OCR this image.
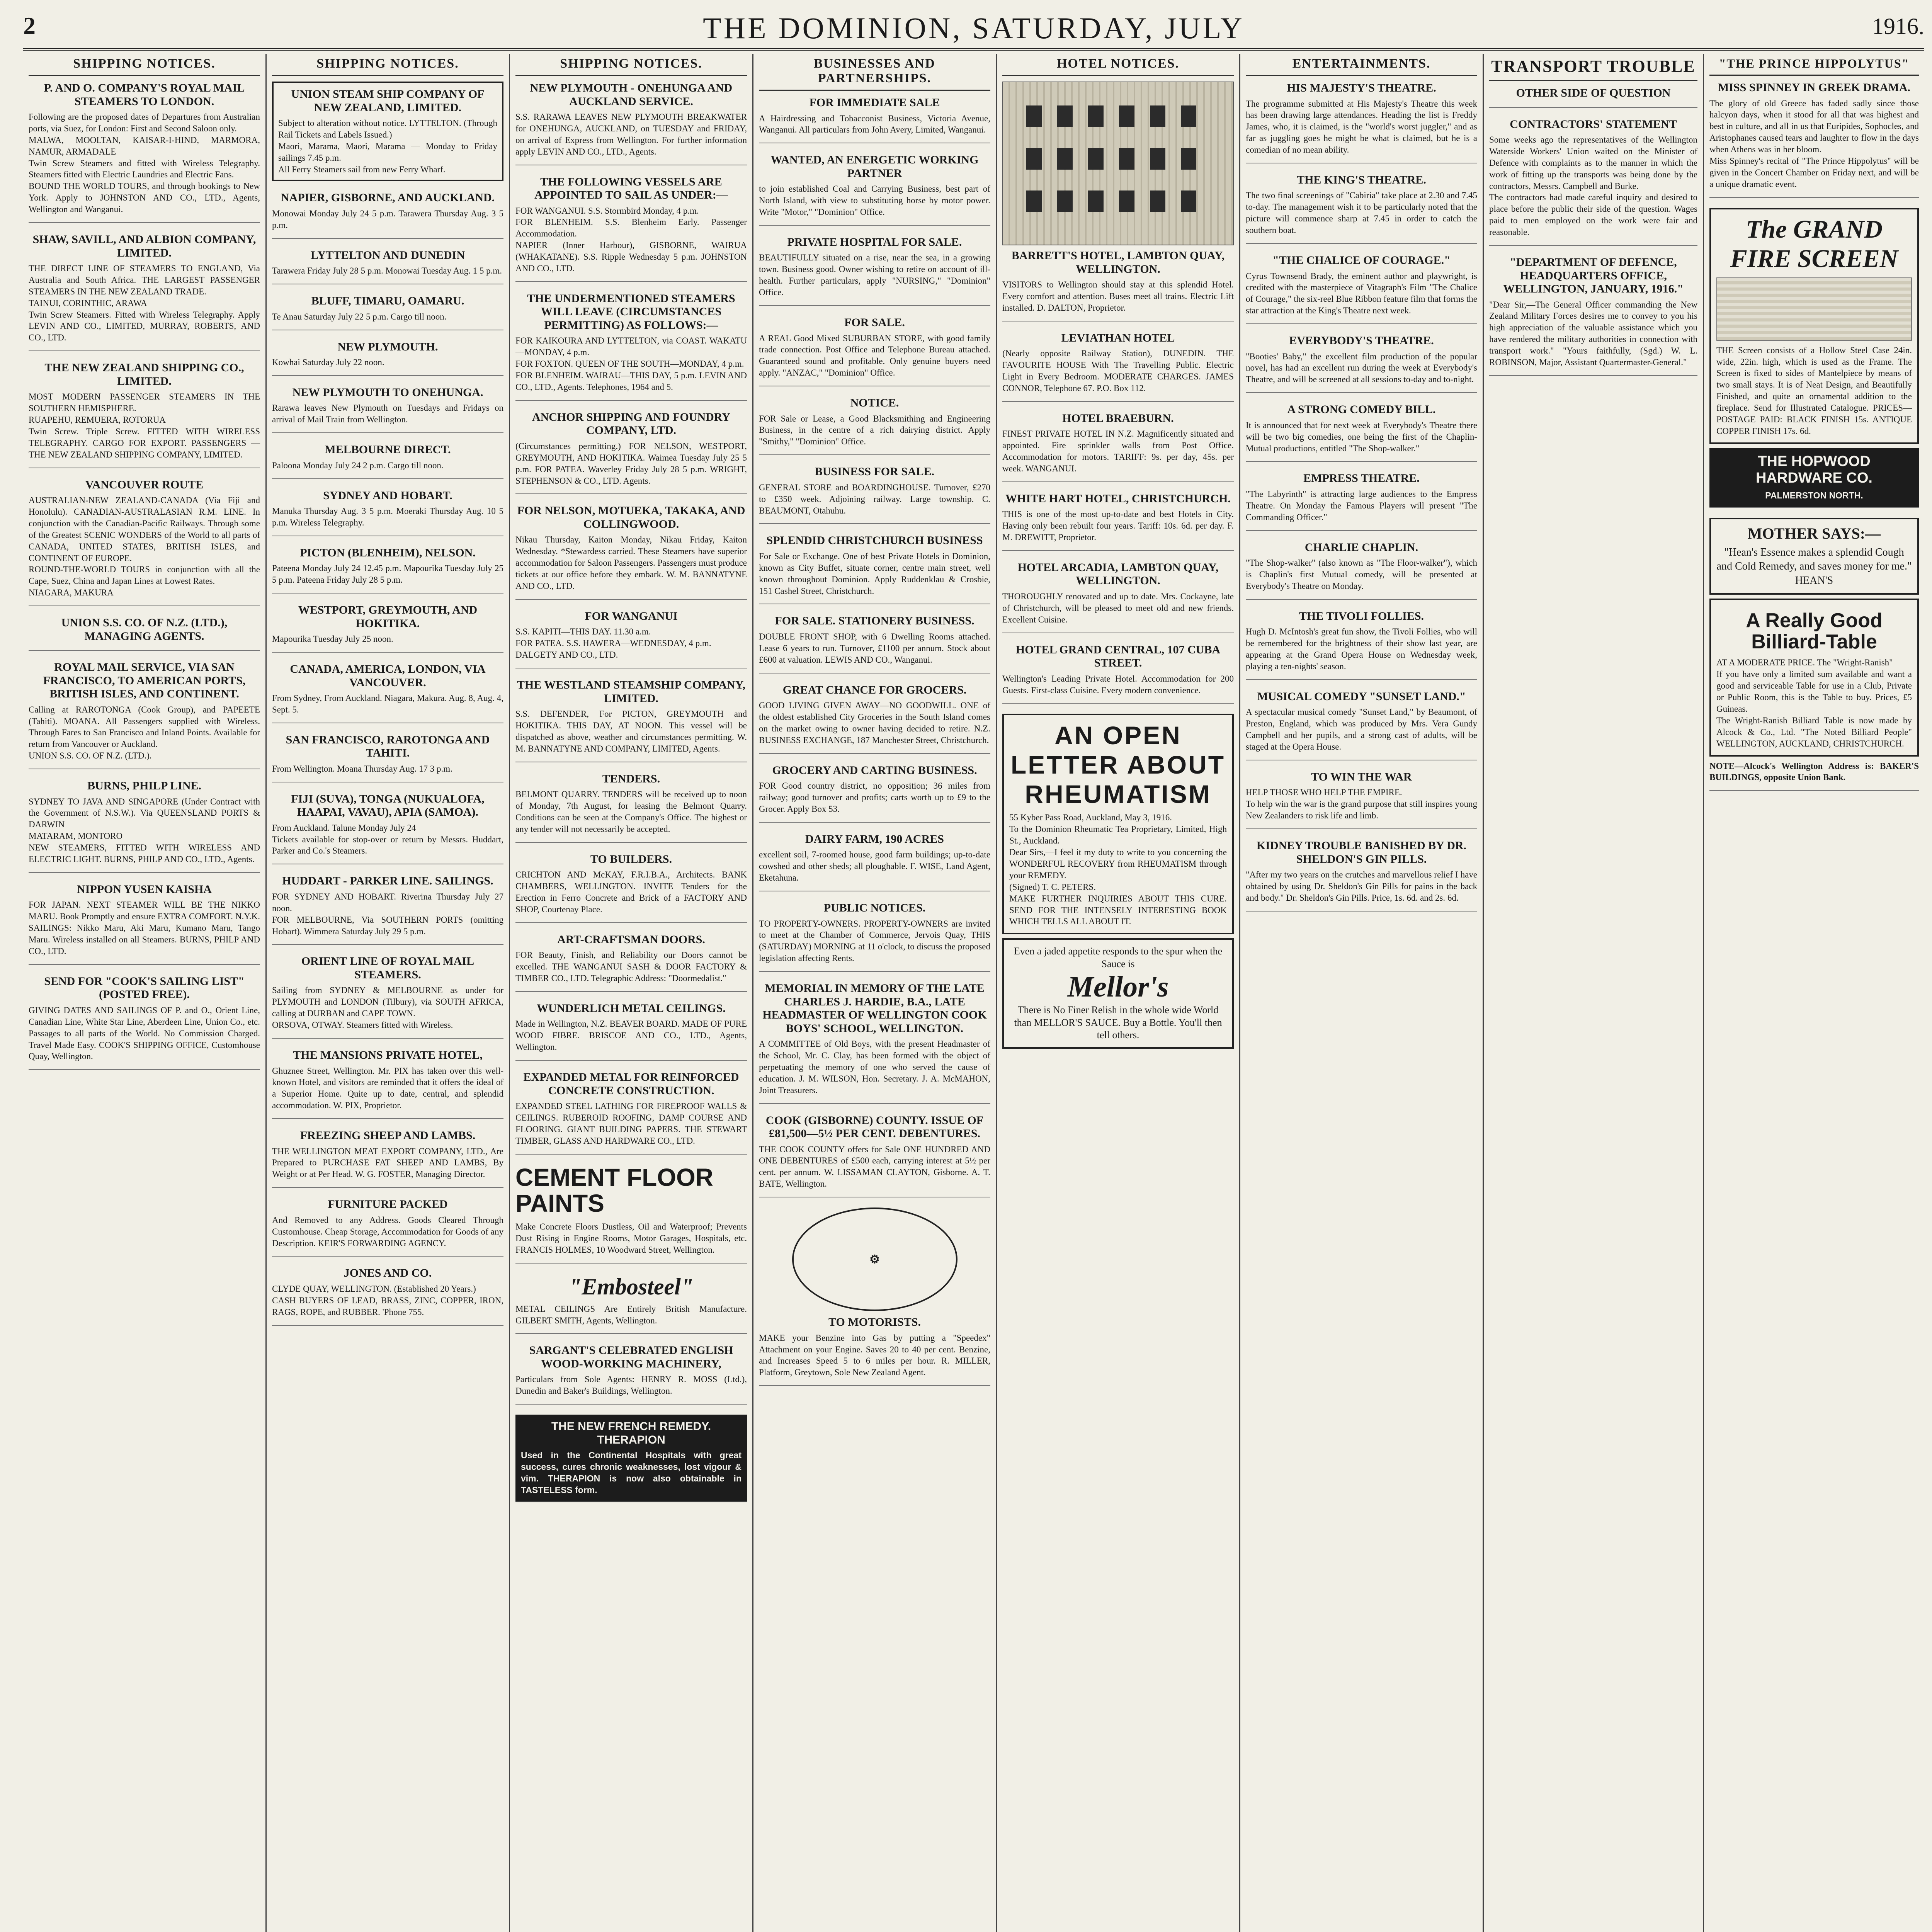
2	THE DOMINION, SATURDAY, JULY	1916.
SHIPPING NOTICES.
P. AND O. COMPANY'S ROYAL MAIL STEAMERS TO LONDON.
Following are the proposed dates of Departures from Australian ports, via Suez, for London: First and Second Saloon only.
MALWA, MOOLTAN, KAISAR-I-HIND, MARMORA, NAMUR, ARMADALE
Twin Screw Steamers and fitted with Wireless Telegraphy. Steamers fitted with Electric Laundries and Electric Fans.
BOUND THE WORLD TOURS, and through bookings to New York. Apply to JOHNSTON AND CO., LTD., Agents, Wellington and Wanganui.
SHAW, SAVILL, AND ALBION COMPANY, LIMITED.
THE DIRECT LINE OF STEAMERS TO ENGLAND, Via Australia and South Africa. THE LARGEST PASSENGER STEAMERS IN THE NEW ZEALAND TRADE.
TAINUI, CORINTHIC, ARAWA
Twin Screw Steamers. Fitted with Wireless Telegraphy. Apply LEVIN AND CO., LIMITED, MURRAY, ROBERTS, AND CO., LTD.
THE NEW ZEALAND SHIPPING CO., LIMITED.
MOST MODERN PASSENGER STEAMERS IN THE SOUTHERN HEMISPHERE.
RUAPEHU, REMUERA, ROTORUA
Twin Screw. Triple Screw. FITTED WITH WIRELESS TELEGRAPHY. CARGO FOR EXPORT. PASSENGERS — THE NEW ZEALAND SHIPPING COMPANY, LIMITED.
VANCOUVER ROUTE
AUSTRALIAN-NEW ZEALAND-CANADA (Via Fiji and Honolulu). CANADIAN-AUSTRALASIAN R.M. LINE. In conjunction with the Canadian-Pacific Railways. Through some of the Greatest SCENIC WONDERS of the World to all parts of CANADA, UNITED STATES, BRITISH ISLES, and CONTINENT OF EUROPE.
ROUND-THE-WORLD TOURS in conjunction with all the Cape, Suez, China and Japan Lines at Lowest Rates.
NIAGARA, MAKURA
UNION S.S. CO. OF N.Z. (LTD.), MANAGING AGENTS.
ROYAL MAIL SERVICE, VIA SAN FRANCISCO, TO AMERICAN PORTS, BRITISH ISLES, AND CONTINENT.
Calling at RAROTONGA (Cook Group), and PAPEETE (Tahiti). MOANA. All Passengers supplied with Wireless. Through Fares to San Francisco and Inland Points. Available for return from Vancouver or Auckland.
UNION S.S. CO. OF N.Z. (LTD.).
BURNS, PHILP LINE.
SYDNEY TO JAVA AND SINGAPORE (Under Contract with the Government of N.S.W.). Via QUEENSLAND PORTS & DARWIN
MATARAM, MONTORO
NEW STEAMERS, FITTED WITH WIRELESS AND ELECTRIC LIGHT. BURNS, PHILP AND CO., LTD., Agents.
NIPPON YUSEN KAISHA
FOR JAPAN. NEXT STEAMER WILL BE THE NIKKO MARU. Book Promptly and ensure EXTRA COMFORT. N.Y.K. SAILINGS: Nikko Maru, Aki Maru, Kumano Maru, Tango Maru. Wireless installed on all Steamers. BURNS, PHILP AND CO., LTD.
SEND FOR "COOK'S SAILING LIST" (POSTED FREE).
GIVING DATES AND SAILINGS OF P. and O., Orient Line, Canadian Line, White Star Line, Aberdeen Line, Union Co., etc. Passages to all parts of the World. No Commission Charged. Travel Made Easy. COOK'S SHIPPING OFFICE, Customhouse Quay, Wellington.
SHIPPING NOTICES.
UNION STEAM SHIP COMPANY OF NEW ZEALAND, LIMITED.
Subject to alteration without notice. LYTTELTON. (Through Rail Tickets and Labels Issued.)
Maori, Marama, Maori, Marama — Monday to Friday sailings 7.45 p.m.
All Ferry Steamers sail from new Ferry Wharf.
NAPIER, GISBORNE, AND AUCKLAND.
Monowai Monday July 24 5 p.m. Tarawera Thursday Aug. 3 5 p.m.
LYTTELTON AND DUNEDIN
Tarawera Friday July 28 5 p.m. Monowai Tuesday Aug. 1 5 p.m.
BLUFF, TIMARU, OAMARU.
Te Anau Saturday July 22 5 p.m. Cargo till noon.
NEW PLYMOUTH.
Kowhai Saturday July 22 noon.
NEW PLYMOUTH TO ONEHUNGA.
Rarawa leaves New Plymouth on Tuesdays and Fridays on arrival of Mail Train from Wellington.
MELBOURNE DIRECT.
Paloona Monday July 24 2 p.m. Cargo till noon.
SYDNEY AND HOBART.
Manuka Thursday Aug. 3 5 p.m. Moeraki Thursday Aug. 10 5 p.m. Wireless Telegraphy.
PICTON (BLENHEIM), NELSON.
Pateena Monday July 24 12.45 p.m. Mapourika Tuesday July 25 5 p.m. Pateena Friday July 28 5 p.m.
WESTPORT, GREYMOUTH, AND HOKITIKA.
Mapourika Tuesday July 25 noon.
CANADA, AMERICA, LONDON, VIA VANCOUVER.
From Sydney, From Auckland. Niagara, Makura. Aug. 8, Aug. 4, Sept. 5.
SAN FRANCISCO, RAROTONGA AND TAHITI.
From Wellington. Moana Thursday Aug. 17 3 p.m.
FIJI (SUVA), TONGA (NUKUALOFA, HAAPAI, VAVAU), APIA (SAMOA).
From Auckland. Talune Monday July 24
Tickets available for stop-over or return by Messrs. Huddart, Parker and Co.'s Steamers.
HUDDART - PARKER LINE. SAILINGS.
FOR SYDNEY AND HOBART. Riverina Thursday July 27 noon.
FOR MELBOURNE, Via SOUTHERN PORTS (omitting Hobart). Wimmera Saturday July 29 5 p.m.
ORIENT LINE OF ROYAL MAIL STEAMERS.
Sailing from SYDNEY & MELBOURNE as under for PLYMOUTH and LONDON (Tilbury), via SOUTH AFRICA, calling at DURBAN and CAPE TOWN.
ORSOVA, OTWAY. Steamers fitted with Wireless.
THE MANSIONS PRIVATE HOTEL,
Ghuznee Street, Wellington. Mr. PIX has taken over this well-known Hotel, and visitors are reminded that it offers the ideal of a Superior Home. Quite up to date, central, and splendid accommodation. W. PIX, Proprietor.
FREEZING SHEEP AND LAMBS.
THE WELLINGTON MEAT EXPORT COMPANY, LTD., Are Prepared to PURCHASE FAT SHEEP AND LAMBS, By Weight or at Per Head. W. G. FOSTER, Managing Director.
FURNITURE PACKED
And Removed to any Address. Goods Cleared Through Customhouse. Cheap Storage, Accommodation for Goods of any Description. KEIR'S FORWARDING AGENCY.
JONES AND CO.
CLYDE QUAY, WELLINGTON. (Established 20 Years.)
CASH BUYERS OF LEAD, BRASS, ZINC, COPPER, IRON, RAGS, ROPE, and RUBBER. 'Phone 755.
SHIPPING NOTICES.
NEW PLYMOUTH - ONEHUNGA AND AUCKLAND SERVICE.
S.S. RARAWA LEAVES NEW PLYMOUTH BREAKWATER for ONEHUNGA, AUCKLAND, on TUESDAY and FRIDAY, on arrival of Express from Wellington. For further information apply LEVIN AND CO., LTD., Agents.
THE FOLLOWING VESSELS ARE APPOINTED TO SAIL AS UNDER:—
FOR WANGANUI. S.S. Stormbird Monday, 4 p.m.
FOR BLENHEIM. S.S. Blenheim Early. Passenger Accommodation.
NAPIER (Inner Harbour), GISBORNE, WAIRUA (WHAKATANE). S.S. Ripple Wednesday 5 p.m. JOHNSTON AND CO., LTD.
THE UNDERMENTIONED STEAMERS WILL LEAVE (CIRCUMSTANCES PERMITTING) AS FOLLOWS:—
FOR KAIKOURA AND LYTTELTON, via COAST. WAKATU—MONDAY, 4 p.m.
FOR FOXTON. QUEEN OF THE SOUTH—MONDAY, 4 p.m.
FOR BLENHEIM. WAIRAU—THIS DAY, 5 p.m. LEVIN AND CO., LTD., Agents. Telephones, 1964 and 5.
ANCHOR SHIPPING AND FOUNDRY COMPANY, LTD.
(Circumstances permitting.) FOR NELSON, WESTPORT, GREYMOUTH, AND HOKITIKA. Waimea Tuesday July 25 5 p.m. FOR PATEA. Waverley Friday July 28 5 p.m. WRIGHT, STEPHENSON & CO., LTD. Agents.
FOR NELSON, MOTUEKA, TAKAKA, AND COLLINGWOOD.
Nikau Thursday, Kaiton Monday, Nikau Friday, Kaiton Wednesday. *Stewardess carried. These Steamers have superior accommodation for Saloon Passengers. Passengers must produce tickets at our office before they embark. W. M. BANNATYNE AND CO., LTD.
FOR WANGANUI
S.S. KAPITI—THIS DAY. 11.30 a.m.
FOR PATEA. S.S. HAWERA—WEDNESDAY, 4 p.m.
DALGETY AND CO., LTD.
THE WESTLAND STEAMSHIP COMPANY, LIMITED.
S.S. DEFENDER, For PICTON, GREYMOUTH and HOKITIKA. THIS DAY, AT NOON. This vessel will be dispatched as above, weather and circumstances permitting. W. M. BANNATYNE AND COMPANY, LIMITED, Agents.
TENDERS.
BELMONT QUARRY. TENDERS will be received up to noon of Monday, 7th August, for leasing the Belmont Quarry. Conditions can be seen at the Company's Office. The highest or any tender will not necessarily be accepted.
TO BUILDERS.
CRICHTON AND McKAY, F.R.I.B.A., Architects. BANK CHAMBERS, WELLINGTON. INVITE Tenders for the Erection in Ferro Concrete and Brick of a FACTORY AND SHOP, Courtenay Place.
ART-CRAFTSMAN DOORS.
FOR Beauty, Finish, and Reliability our Doors cannot be excelled. THE WANGANUI SASH & DOOR FACTORY & TIMBER CO., LTD. Telegraphic Address: "Doormedalist."
WUNDERLICH METAL CEILINGS.
Made in Wellington, N.Z. BEAVER BOARD. MADE OF PURE WOOD FIBRE. BRISCOE AND CO., LTD., Agents, Wellington.
EXPANDED METAL FOR REINFORCED CONCRETE CONSTRUCTION.
EXPANDED STEEL LATHING FOR FIREPROOF WALLS & CEILINGS. RUBEROID ROOFING, DAMP COURSE AND FLOORING. GIANT BUILDING PAPERS. THE STEWART TIMBER, GLASS AND HARDWARE CO., LTD.
CEMENT FLOOR PAINTS
Make Concrete Floors Dustless, Oil and Waterproof; Prevents Dust Rising in Engine Rooms, Motor Garages, Hospitals, etc. FRANCIS HOLMES, 10 Woodward Street, Wellington.
"Embosteel"
METAL CEILINGS Are Entirely British Manufacture. GILBERT SMITH, Agents, Wellington.
SARGANT'S CELEBRATED ENGLISH WOOD-WORKING MACHINERY,
Particulars from Sole Agents: HENRY R. MOSS (Ltd.), Dunedin and Baker's Buildings, Wellington.
THE NEW FRENCH REMEDY. THERAPION
Used in the Continental Hospitals with great success, cures chronic weaknesses, lost vigour & vim. THERAPION is now also obtainable in TASTELESS form.
BUSINESSES AND PARTNERSHIPS.
FOR IMMEDIATE SALE
A Hairdressing and Tobacconist Business, Victoria Avenue, Wanganui. All particulars from John Avery, Limited, Wanganui.
WANTED, AN ENERGETIC WORKING PARTNER
to join established Coal and Carrying Business, best part of North Island, with view to substituting horse by motor power. Write "Motor," "Dominion" Office.
PRIVATE HOSPITAL FOR SALE.
BEAUTIFULLY situated on a rise, near the sea, in a growing town. Business good. Owner wishing to retire on account of ill-health. Further particulars, apply "NURSING," "Dominion" Office.
FOR SALE.
A REAL Good Mixed SUBURBAN STORE, with good family trade connection. Post Office and Telephone Bureau attached. Guaranteed sound and profitable. Only genuine buyers need apply. "ANZAC," "Dominion" Office.
NOTICE.
FOR Sale or Lease, a Good Blacksmithing and Engineering Business, in the centre of a rich dairying district. Apply "Smithy," "Dominion" Office.
BUSINESS FOR SALE.
GENERAL STORE and BOARDINGHOUSE. Turnover, £270 to £350 week. Adjoining railway. Large township. C. BEAUMONT, Otahuhu.
SPLENDID CHRISTCHURCH BUSINESS
For Sale or Exchange. One of best Private Hotels in Dominion, known as City Buffet, situate corner, centre main street, well known throughout Dominion. Apply Ruddenklau & Crosbie, 151 Cashel Street, Christchurch.
FOR SALE. STATIONERY BUSINESS.
DOUBLE FRONT SHOP, with 6 Dwelling Rooms attached. Lease 6 years to run. Turnover, £1100 per annum. Stock about £600 at valuation. LEWIS AND CO., Wanganui.
GREAT CHANCE FOR GROCERS.
GOOD LIVING GIVEN AWAY—NO GOODWILL. ONE of the oldest established City Groceries in the South Island comes on the market owing to owner having decided to retire. N.Z. BUSINESS EXCHANGE, 187 Manchester Street, Christchurch.
GROCERY AND CARTING BUSINESS.
FOR Good country district, no opposition; 36 miles from railway; good turnover and profits; carts worth up to £9 to the Grocer. Apply Box 53.
DAIRY FARM, 190 ACRES
excellent soil, 7-roomed house, good farm buildings; up-to-date cowshed and other sheds; all ploughable. F. WISE, Land Agent, Eketahuna.
PUBLIC NOTICES.
TO PROPERTY-OWNERS. PROPERTY-OWNERS are invited to meet at the Chamber of Commerce, Jervois Quay, THIS (SATURDAY) MORNING at 11 o'clock, to discuss the proposed legislation affecting Rents.
MEMORIAL IN MEMORY OF THE LATE CHARLES J. HARDIE, B.A., LATE HEADMASTER OF WELLINGTON COOK BOYS' SCHOOL, WELLINGTON.
A COMMITTEE of Old Boys, with the present Headmaster of the School, Mr. C. Clay, has been formed with the object of perpetuating the memory of one who served the cause of education. J. M. WILSON, Hon. Secretary. J. A. McMAHON, Joint Treasurers.
COOK (GISBORNE) COUNTY. ISSUE OF £81,500—5½ PER CENT. DEBENTURES.
THE COOK COUNTY offers for Sale ONE HUNDRED AND ONE DEBENTURES of £500 each, carrying interest at 5½ per cent. per annum. W. LISSAMAN CLAYTON, Gisborne. A. T. BATE, Wellington.
⚙
TO MOTORISTS.
MAKE your Benzine into Gas by putting a "Speedex" Attachment on your Engine. Saves 20 to 40 per cent. Benzine, and Increases Speed 5 to 6 miles per hour. R. MILLER, Platform, Greytown, Sole New Zealand Agent.
HOTEL NOTICES.
BARRETT'S HOTEL, LAMBTON QUAY, WELLINGTON.
VISITORS to Wellington should stay at this splendid Hotel. Every comfort and attention. Buses meet all trains. Electric Lift installed. D. DALTON, Proprietor.
LEVIATHAN HOTEL
(Nearly opposite Railway Station), DUNEDIN. THE FAVOURITE HOUSE With The Travelling Public. Electric Light in Every Bedroom. MODERATE CHARGES. JAMES CONNOR, Telephone 67. P.O. Box 112.
HOTEL BRAEBURN.
FINEST PRIVATE HOTEL IN N.Z. Magnificently situated and appointed. Fire sprinkler walls from Post Office. Accommodation for motors. TARIFF: 9s. per day, 45s. per week. WANGANUI.
WHITE HART HOTEL, CHRISTCHURCH.
THIS is one of the most up-to-date and best Hotels in City. Having only been rebuilt four years. Tariff: 10s. 6d. per day. F. M. DREWITT, Proprietor.
HOTEL ARCADIA, LAMBTON QUAY, WELLINGTON.
THOROUGHLY renovated and up to date. Mrs. Cockayne, late of Christchurch, will be pleased to meet old and new friends. Excellent Cuisine.
HOTEL GRAND CENTRAL, 107 CUBA STREET.
Wellington's Leading Private Hotel. Accommodation for 200 Guests. First-class Cuisine. Every modern convenience.
AN OPEN LETTER ABOUT RHEUMATISM
55 Kyber Pass Road, Auckland, May 3, 1916.
To the Dominion Rheumatic Tea Proprietary, Limited, High St., Auckland.
Dear Sirs,—I feel it my duty to write to you concerning the WONDERFUL RECOVERY from RHEUMATISM through your REMEDY.
(Signed) T. C. PETERS.
MAKE FURTHER INQUIRIES ABOUT THIS CURE. SEND FOR THE INTENSELY INTERESTING BOOK WHICH TELLS ALL ABOUT IT.
Even a jaded appetite responds to the spur when the Sauce is
Mellor's
There is No Finer Relish in the whole wide World than MELLOR'S SAUCE. Buy a Bottle. You'll then tell others.
ENTERTAINMENTS.
HIS MAJESTY'S THEATRE.
The programme submitted at His Majesty's Theatre this week has been drawing large attendances. Heading the list is Freddy James, who, it is claimed, is the "world's worst juggler," and as far as juggling goes he might be what is claimed, but he is a comedian of no mean ability.
THE KING'S THEATRE.
The two final screenings of "Cabiria" take place at 2.30 and 7.45 to-day. The management wish it to be particularly noted that the picture will commence sharp at 7.45 in order to catch the southern boat.
"THE CHALICE OF COURAGE."
Cyrus Townsend Brady, the eminent author and playwright, is credited with the masterpiece of Vitagraph's Film "The Chalice of Courage," the six-reel Blue Ribbon feature film that forms the star attraction at the King's Theatre next week.
EVERYBODY'S THEATRE.
"Booties' Baby," the excellent film production of the popular novel, has had an excellent run during the week at Everybody's Theatre, and will be screened at all sessions to-day and to-night.
A STRONG COMEDY BILL.
It is announced that for next week at Everybody's Theatre there will be two big comedies, one being the first of the Chaplin-Mutual productions, entitled "The Shop-walker."
EMPRESS THEATRE.
"The Labyrinth" is attracting large audiences to the Empress Theatre. On Monday the Famous Players will present "The Commanding Officer."
CHARLIE CHAPLIN.
"The Shop-walker" (also known as "The Floor-walker"), which is Chaplin's first Mutual comedy, will be presented at Everybody's Theatre on Monday.
THE TIVOLI FOLLIES.
Hugh D. McIntosh's great fun show, the Tivoli Follies, who will be remembered for the brightness of their show last year, are appearing at the Grand Opera House on Wednesday week, playing a ten-nights' season.
MUSICAL COMEDY "SUNSET LAND."
A spectacular musical comedy "Sunset Land," by Beaumont, of Preston, England, which was produced by Mrs. Vera Gundy Campbell and her pupils, and a strong cast of adults, will be staged at the Opera House.
TO WIN THE WAR
HELP THOSE WHO HELP THE EMPIRE.
To help win the war is the grand purpose that still inspires young New Zealanders to risk life and limb.
KIDNEY TROUBLE BANISHED BY DR. SHELDON'S GIN PILLS.
"After my two years on the crutches and marvellous relief I have obtained by using Dr. Sheldon's Gin Pills for pains in the back and body." Dr. Sheldon's Gin Pills. Price, 1s. 6d. and 2s. 6d.
TRANSPORT TROUBLE
OTHER SIDE OF QUESTION
CONTRACTORS' STATEMENT
Some weeks ago the representatives of the Wellington Waterside Workers' Union waited on the Minister of Defence with complaints as to the manner in which the work of fitting up the transports was being done by the contractors, Messrs. Campbell and Burke.
The contractors had made careful inquiry and desired to place before the public their side of the question. Wages paid to men employed on the work were fair and reasonable.
"DEPARTMENT OF DEFENCE, HEADQUARTERS OFFICE, WELLINGTON, JANUARY, 1916."
"Dear Sir,—The General Officer commanding the New Zealand Military Forces desires me to convey to you his high appreciation of the valuable assistance which you have rendered the military authorities in connection with transport work." "Yours faithfully, (Sgd.) W. L. ROBINSON, Major, Assistant Quartermaster-General."
"THE PRINCE HIPPOLYTUS"
MISS SPINNEY IN GREEK DRAMA.
The glory of old Greece has faded sadly since those halcyon days, when it stood for all that was highest and best in culture, and all in us that Euripides, Sophocles, and Aristophanes caused tears and laughter to flow in the days when Athens was in her bloom.
Miss Spinney's recital of "The Prince Hippolytus" will be given in the Concert Chamber on Friday next, and will be a unique dramatic event.
The GRAND FIRE SCREEN
THE Screen consists of a Hollow Steel Case 24in. wide, 22in. high, which is used as the Frame. The Screen is fixed to sides of Mantelpiece by means of two small stays. It is of Neat Design, and Beautifully Finished, and quite an ornamental addition to the fireplace. Send for Illustrated Catalogue. PRICES—POSTAGE PAID: BLACK FINISH 15s. ANTIQUE COPPER FINISH 17s. 6d.
THE HOPWOOD HARDWARE CO.
PALMERSTON NORTH.
MOTHER SAYS:—
"Hean's Essence makes a splendid Cough and Cold Remedy, and saves money for me." HEAN'S
A Really Good Billiard-Table
AT A MODERATE PRICE. The "Wright-Ranish"
If you have only a limited sum available and want a good and serviceable Table for use in a Club, Private or Public Room, this is the Table to buy. Prices, £5 Guineas.
The Wright-Ranish Billiard Table is now made by Alcock & Co., Ltd. "The Noted Billiard People" WELLINGTON, AUCKLAND, CHRISTCHURCH.
NOTE—Alcock's Wellington Address is: BAKER'S BUILDINGS, opposite Union Bank.
